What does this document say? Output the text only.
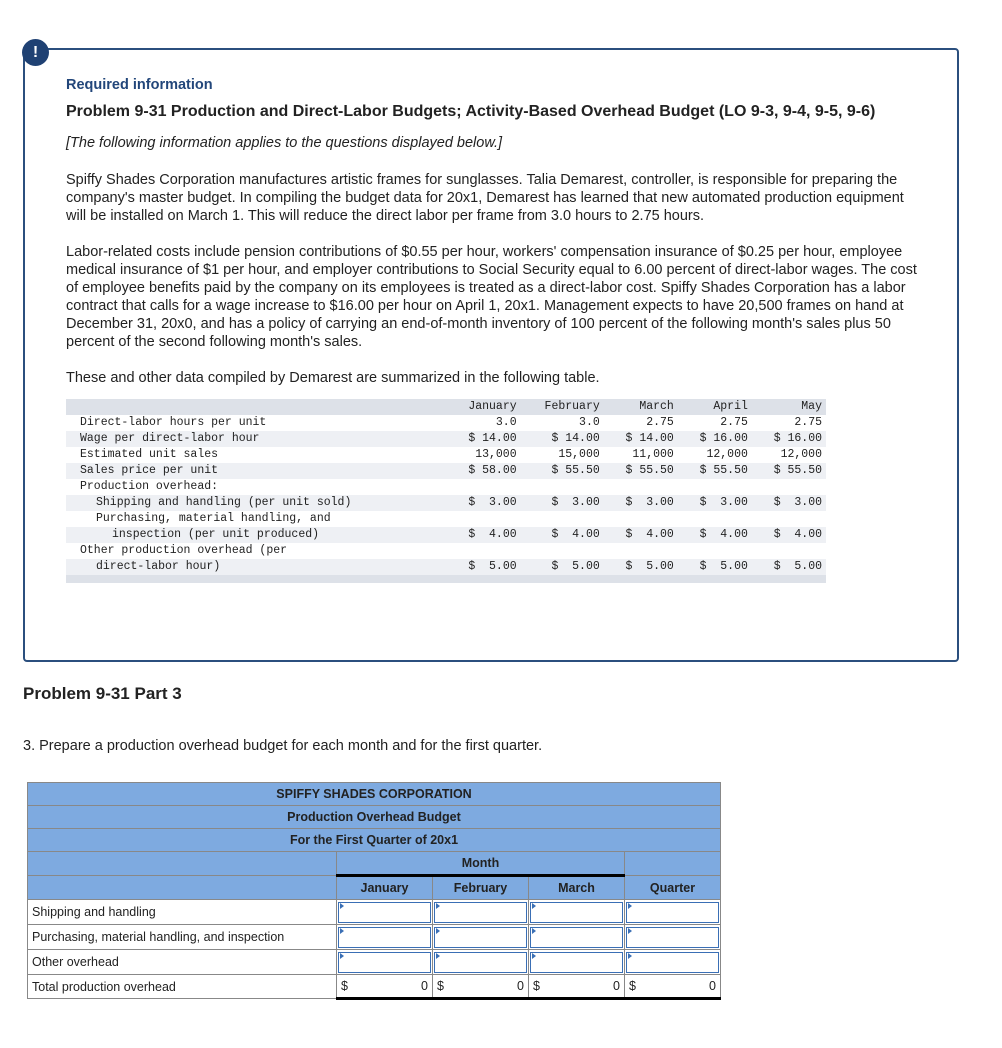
!
Required information
Problem 9-31 Production and Direct-Labor Budgets; Activity-Based Overhead Budget (LO 9-3, 9-4, 9-5, 9-6)
[The following information applies to the questions displayed below.]

Spiffy Shades Corporation manufactures artistic frames for sunglasses. Talia Demarest, controller, is responsible for preparing the company's master budget. In compiling the budget data for 20x1, Demarest has learned that new automated production equipment will be installed on March 1. This will reduce the direct labor per frame from 3.0 hours to 2.75 hours.

Labor-related costs include pension contributions of $0.55 per hour, workers' compensation insurance of $0.25 per hour, employee medical insurance of $1 per hour, and employer contributions to Social Security equal to 6.00 percent of direct-labor wages. The cost of employee benefits paid by the company on its employees is treated as a direct-labor cost. Spiffy Shades Corporation has a labor contract that calls for a wage increase to $16.00 per hour on April 1, 20x1. Management expects to have 20,500 frames on hand at December 31, 20x0, and has a policy of carrying an end-of-month inventory of 100 percent of the following month's sales plus 50 percent of the second following month's sales.

These and other data compiled by Demarest are summarized in the following table.

	January	February	March	April	May
Direct-labor hours per unit	3.0	3.0	2.75	2.75	2.75
Wage per direct-labor hour	$ 14.00	$ 14.00	$ 14.00	$ 16.00	$ 16.00
Estimated unit sales	13,000	15,000	11,000	12,000	12,000
Sales price per unit	$ 58.00	$ 55.50	$ 55.50	$ 55.50	$ 55.50
Production overhead:					
Shipping and handling (per unit sold)	$  3.00	$  3.00	$  3.00	$  3.00	$  3.00
Purchasing, material handling, and					
inspection (per unit produced)	$  4.00	$  4.00	$  4.00	$  4.00	$  4.00
Other production overhead (per					
direct-labor hour)	$  5.00	$  5.00	$  5.00	$  5.00	$  5.00

Problem 9-31 Part 3
3. Prepare a production overhead budget for each month and for the first quarter.
SPIFFY SHADES CORPORATION				
Production Overhead Budget				
For the First Quarter of 20x1				
	Month			
	January	February	March	Quarter
Shipping and handling	

Purchasing, material handling, and inspection	

Other overhead	

Total production overhead	$ 0	$ 0	$ 0	$ 0
